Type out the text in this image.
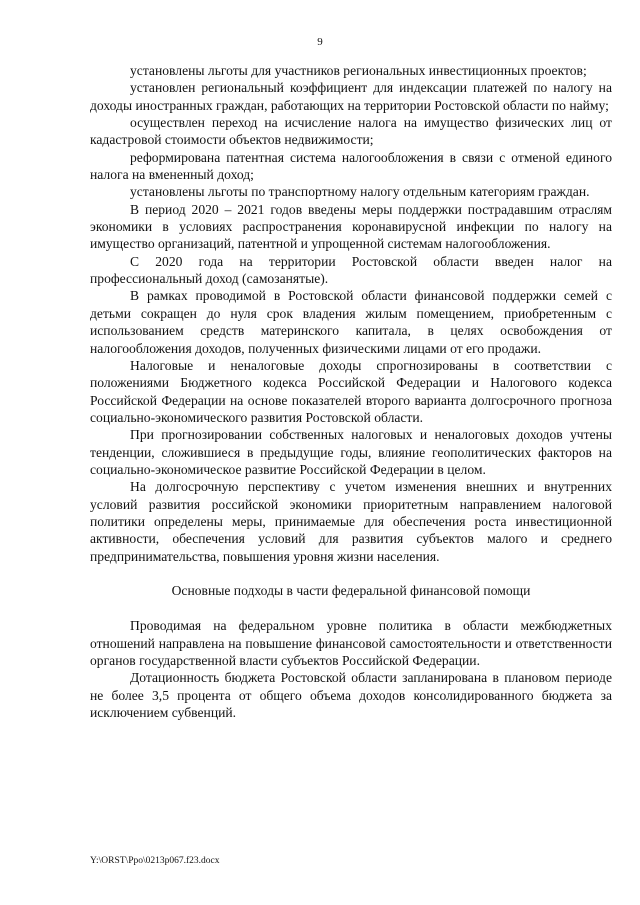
9

установлены льготы для участников региональных инвестиционных проектов;

установлен региональный коэффициент для индексации платежей по налогу на доходы иностранных граждан, работающих на территории Ростовской области по найму;

осуществлен переход на исчисление налога на имущество физических лиц от кадастровой стоимости объектов недвижимости;

реформирована патентная система налогообложения в связи с отменой единого налога на вмененный доход;

установлены льготы по транспортному налогу отдельным категориям граждан.

В период 2020 – 2021 годов введены меры поддержки пострадавшим отраслям экономики в условиях распространения коронавирусной инфекции по налогу на имущество организаций, патентной и упрощенной системам налогообложения.

С 2020 года на территории Ростовской области введен налог на профессиональный доход (самозанятые).

В рамках проводимой в Ростовской области финансовой поддержки семей с детьми сокращен до нуля срок владения жилым помещением, приобретенным с использованием средств материнского капитала, в целях освобождения от налогообложения доходов, полученных физическими лицами от его продажи.

Налоговые и неналоговые доходы спрогнозированы в соответствии с положениями Бюджетного кодекса Российской Федерации и Налогового кодекса Российской Федерации на основе показателей второго варианта долгосрочного прогноза социально-экономического развития Ростовской области.

При прогнозировании собственных налоговых и неналоговых доходов учтены тенденции, сложившиеся в предыдущие годы, влияние геополитических факторов на социально-экономическое развитие Российской Федерации в целом.

На долгосрочную перспективу с учетом изменения внешних и внутренних условий развития российской экономики приоритетным направлением налоговой политики определены меры, принимаемые для обеспечения роста инвестиционной активности, обеспечения условий для развития субъектов малого и среднего предпринимательства, повышения уровня жизни населения.

Основные подходы в части федеральной финансовой помощи

Проводимая на федеральном уровне политика в области межбюджетных отношений направлена на повышение финансовой самостоятельности и ответственности органов государственной власти субъектов Российской Федерации.

Дотационность бюджета Ростовской области запланирована в плановом периоде не более 3,5 процента от общего объема доходов консолидированного бюджета за исключением субвенций.

Y:\ORST\Ppo\0213p067.f23.docx
